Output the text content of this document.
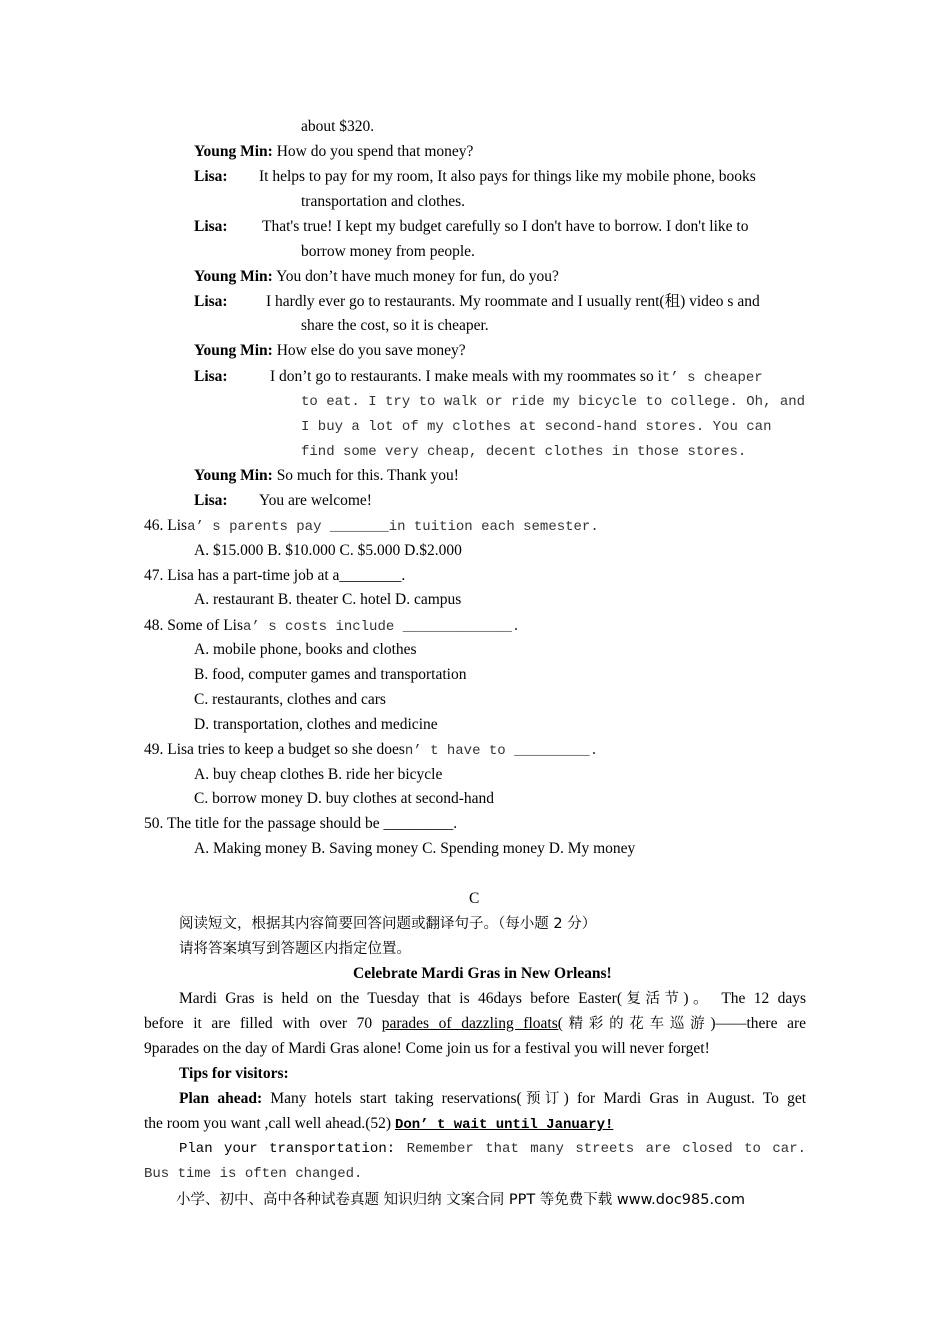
about $320.
Young Min: How do you spend that money?
Lisa: It helps to pay for my room, It also pays for things like my mobile phone, books
transportation and clothes.
Lisa: That's true! I kept my budget carefully so I don't have to borrow. I don't like to
borrow money from people.
Young Min: You don’t have much money for fun, do you?
Lisa: I hardly ever go to restaurants. My roommate and I usually rent(租) video s and
share the cost, so it is cheaper.
Young Min: How else do you save money?
Lisa:	I don’t go to restaurants. I make meals with my roommates so it’ s cheaper
to eat. I try to walk or ride my bicycle to college. Oh, and
I buy a lot of my clothes at second-hand stores. You can
find some very cheap, decent clothes in those stores.
Young Min: So much for this. Thank you!
Lisa: You are welcome!
46. Lisa’ s parents pay _______in tuition each semester.
A. $15.000 B. $10.000 C. $5.000 D.$2.000
47. Lisa has a part-time job at a________.
A. restaurant B. theater C. hotel D. campus
48. Some of Lisa’ s costs include _____________.
A. mobile phone, books and clothes
B. food, computer games and transportation
C. restaurants, clothes and cars
D. transportation, clothes and medicine
49. Lisa tries to keep a budget so she doesn’ t have to _________.
A. buy cheap clothes B. ride her bicycle
C. borrow money D. buy clothes at second-hand
50. The title for the passage should be _________.
A. Making money B. Saving money C. Spending money D. My money
C
阅读短文，根据其内容简要回答问题或翻译句子。（每小题 2 分）
请将答案填写到答题区内指定位置。
Celebrate Mardi Gras in New Orleans!
Mardi Gras is held on the Tuesday that is 46days before Easter(复活节)。 The 12 days
before it are filled with over 70 parades of dazzling floats(精彩的花车巡游)——there are
9parades on the day of Mardi Gras alone! Come join us for a festival you will never forget!
Tips for visitors:
Plan ahead: Many hotels start taking reservations(预订) for Mardi Gras in August. To get
the room you want ,call well ahead.(52) Don’ t wait until January!
Plan your transportation: Remember that many streets are closed to car.
Bus time is often changed.
小学、初中、高中各种试卷真题 知识归纳 文案合同 PPT 等免费下载 www.doc985.com
